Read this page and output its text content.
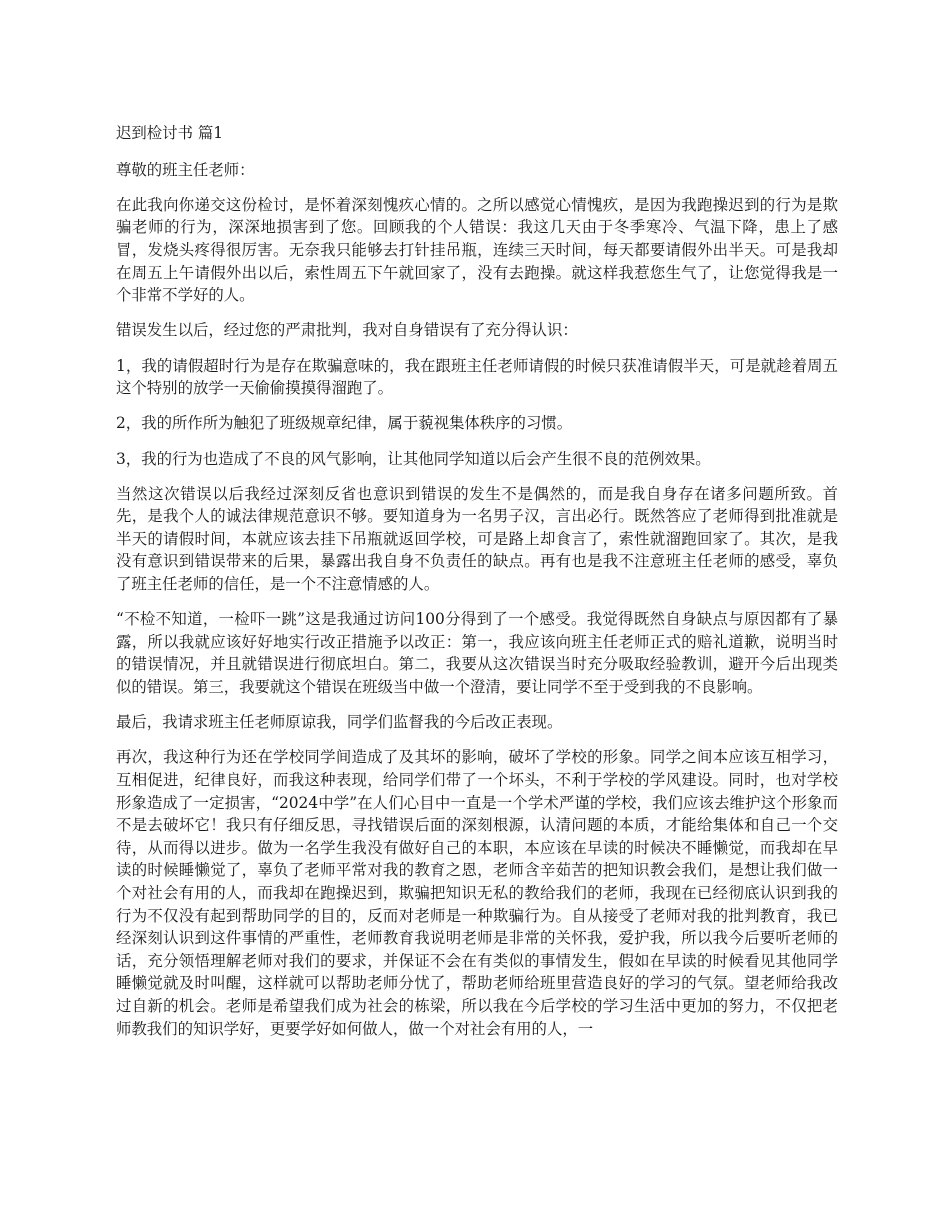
迟到检讨书 篇1

尊敬的班主任老师：

在此我向你递交这份检讨，是怀着深刻愧疚心情的。之所以感觉心情愧疚，是因为我跑操迟到的行为是欺骗老师的行为，深深地损害到了您。回顾我的个人错误：我这几天由于冬季寒冷、气温下降，患上了感冒，发烧头疼得很厉害。无奈我只能够去打针挂吊瓶，连续三天时间，每天都要请假外出半天。可是我却在周五上午请假外出以后，索性周五下午就回家了，没有去跑操。就这样我惹您生气了，让您觉得我是一个非常不学好的人。

错误发生以后，经过您的严肃批判，我对自身错误有了充分得认识：

1，我的请假超时行为是存在欺骗意味的，我在跟班主任老师请假的时候只获准请假半天，可是就趁着周五这个特别的放学一天偷偷摸摸得溜跑了。

2，我的所作所为触犯了班级规章纪律，属于藐视集体秩序的习惯。

3，我的行为也造成了不良的风气影响，让其他同学知道以后会产生很不良的范例效果。

当然这次错误以后我经过深刻反省也意识到错误的发生不是偶然的，而是我自身存在诸多问题所致。首先，是我个人的诚法律规范意识不够。要知道身为一名男子汉，言出必行。既然答应了老师得到批准就是半天的请假时间，本就应该去挂下吊瓶就返回学校，可是路上却食言了，索性就溜跑回家了。其次，是我没有意识到错误带来的后果，暴露出我自身不负责任的缺点。再有也是我不注意班主任老师的感受，辜负了班主任老师的信任，是一个不注意情感的人。

“不检不知道，一检吓一跳”这是我通过访问100分得到了一个感受。我觉得既然自身缺点与原因都有了暴露，所以我就应该好好地实行改正措施予以改正：第一，我应该向班主任老师正式的赔礼道歉，说明当时的错误情况，并且就错误进行彻底坦白。第二，我要从这次错误当时充分吸取经验教训，避开今后出现类似的错误。第三，我要就这个错误在班级当中做一个澄清，要让同学不至于受到我的不良影响。

最后，我请求班主任老师原谅我，同学们监督我的今后改正表现。

再次，我这种行为还在学校同学间造成了及其坏的影响，破坏了学校的形象。同学之间本应该互相学习，互相促进，纪律良好，而我这种表现，给同学们带了一个坏头，不利于学校的学风建设。同时，也对学校形象造成了一定损害，“2024中学”在人们心目中一直是一个学术严谨的学校，我们应该去维护这个形象而不是去破坏它！我只有仔细反思，寻找错误后面的深刻根源，认清问题的本质，才能给集体和自己一个交待，从而得以进步。做为一名学生我没有做好自己的本职，本应该在早读的时候决不睡懒觉，而我却在早读的时候睡懒觉了，辜负了老师平常对我的教育之恩，老师含辛茹苦的把知识教会我们，是想让我们做一个对社会有用的人，而我却在跑操迟到，欺骗把知识无私的教给我们的老师，我现在已经彻底认识到我的行为不仅没有起到帮助同学的目的，反而对老师是一种欺骗行为。自从接受了老师对我的批判教育，我已经深刻认识到这件事情的严重性，老师教育我说明老师是非常的关怀我，爱护我，所以我今后要听老师的话，充分领悟理解老师对我们的要求，并保证不会在有类似的事情发生，假如在早读的时候看见其他同学睡懒觉就及时叫醒，这样就可以帮助老师分忧了，帮助老师给班里营造良好的学习的气氛。望老师给我改过自新的机会。老师是希望我们成为社会的栋梁，所以我在今后学校的学习生活中更加的努力，不仅把老师教我们的知识学好，更要学好如何做人，做一个对社会有用的人，一
